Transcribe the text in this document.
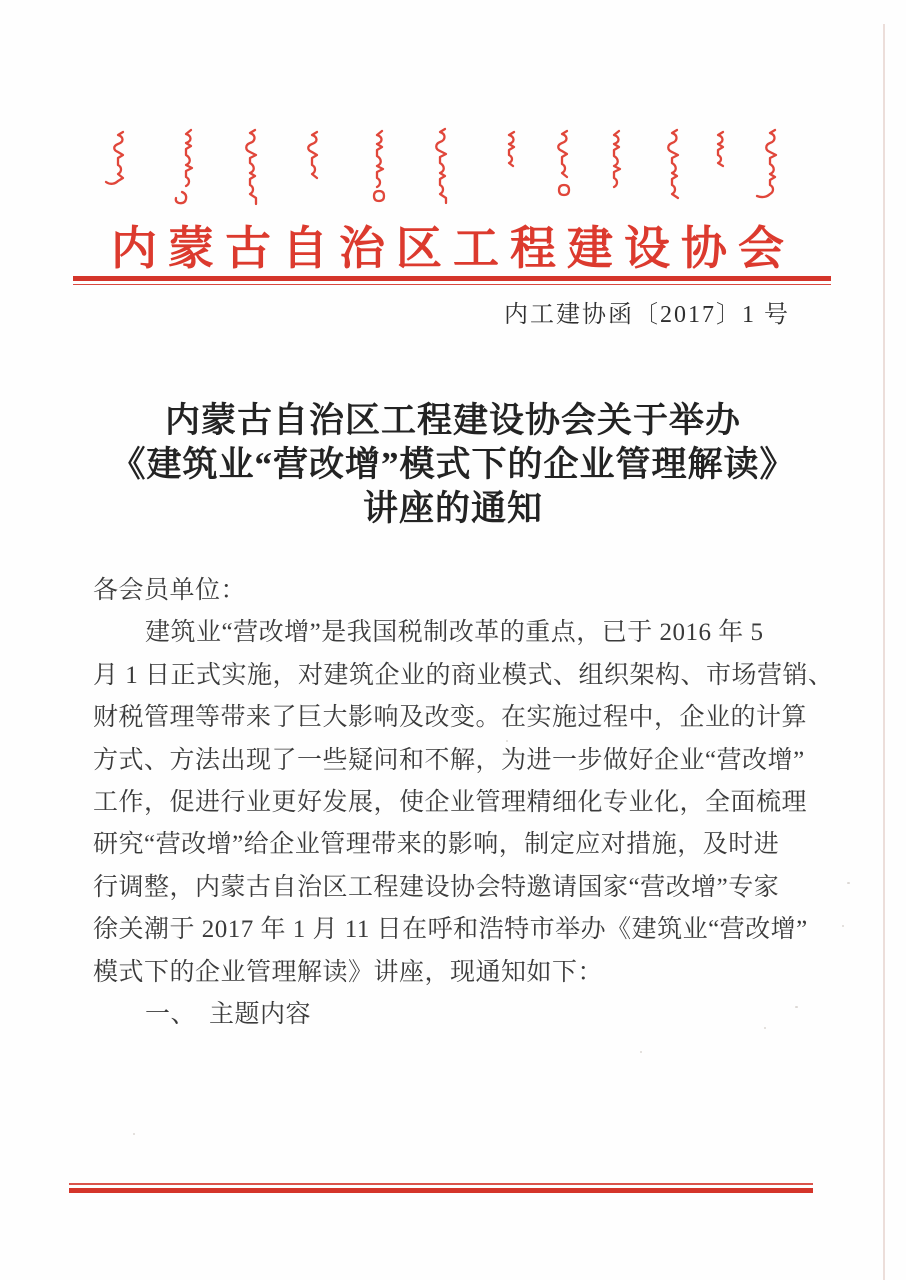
内蒙古自治区工程建设协会
内工建协函〔2017〕1 号
内蒙古自治区工程建设协会关于举办
《建筑业“营改增”模式下的企业管理解读》
讲座的通知
各会员单位：
建筑业“营改增”是我国税制改革的重点，已于 2016 年 5
月 1 日正式实施，对建筑企业的商业模式、组织架构、市场营销、
财税管理等带来了巨大影响及改变。在实施过程中，企业的计算
方式、方法出现了一些疑问和不解，为进一步做好企业“营改增”
工作，促进行业更好发展，使企业管理精细化专业化，全面梳理
研究“营改增”给企业管理带来的影响，制定应对措施，及时进
行调整，内蒙古自治区工程建设协会特邀请国家“营改增”专家
徐关潮于 2017 年 1 月 11 日在呼和浩特市举办《建筑业“营改增”
模式下的企业管理解读》讲座，现通知如下：
一、　主题内容
